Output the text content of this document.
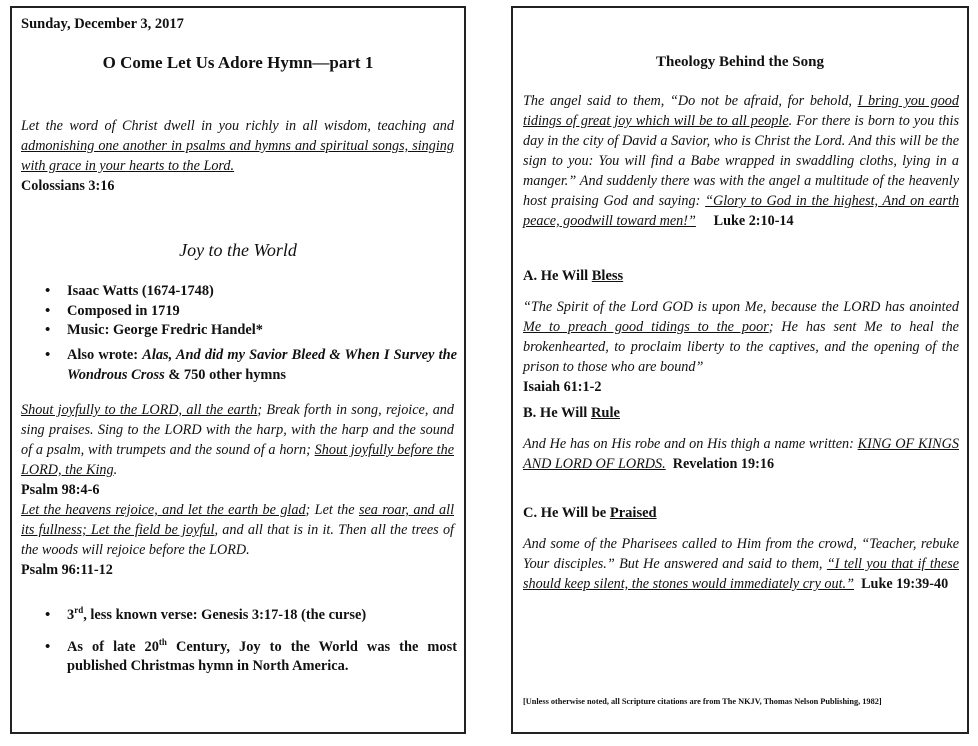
Sunday, December 3, 2017
O Come Let Us Adore Hymn—part 1
Let the word of Christ dwell in you richly in all wisdom, teaching and admonishing one another in psalms and hymns and spiritual songs, singing with grace in your hearts to the Lord.
Colossians 3:16
Joy to the World
• Isaac Watts (1674-1748)
• Composed in 1719
• Music: George Fredric Handel*
• Also wrote: Alas, And did my Savior Bleed & When I Survey the Wondrous Cross & 750 other hymns
Shout joyfully to the LORD, all the earth; Break forth in song, rejoice, and sing praises. Sing to the LORD with the harp, with the harp and the sound of a psalm, with trumpets and the sound of a horn; Shout joyfully before the LORD, the King.
Psalm 98:4-6
Let the heavens rejoice, and let the earth be glad; Let the sea roar, and all its fullness; Let the field be joyful, and all that is in it. Then all the trees of the woods will rejoice before the LORD.
Psalm 96:11-12
• 3rd, less known verse: Genesis 3:17-18 (the curse)
• As of late 20th Century, Joy to the World was the most published Christmas hymn in North America.
Theology Behind the Song
The angel said to them, “Do not be afraid, for behold, I bring you good tidings of great joy which will be to all people. For there is born to you this day in the city of David a Savior, who is Christ the Lord. And this will be the sign to you: You will find a Babe wrapped in swaddling cloths, lying in a manger.” And suddenly there was with the angel a multitude of the heavenly host praising God and saying: “Glory to God in the highest, And on earth peace, goodwill toward men!” Luke 2:10-14
A. He Will Bless
“The Spirit of the Lord GOD is upon Me, because the LORD has anointed Me to preach good tidings to the poor; He has sent Me to heal the brokenhearted, to proclaim liberty to the captives, and the opening of the prison to those who are bound”
Isaiah 61:1-2
B. He Will Rule
And He has on His robe and on His thigh a name written: KING OF KINGS AND LORD OF LORDS. Revelation 19:16
C. He Will be Praised
And some of the Pharisees called to Him from the crowd, “Teacher, rebuke Your disciples.” But He answered and said to them, “I tell you that if these should keep silent, the stones would immediately cry out.” Luke 19:39-40
[Unless otherwise noted, all Scripture citations are from The NKJV, Thomas Nelson Publishing, 1982]
